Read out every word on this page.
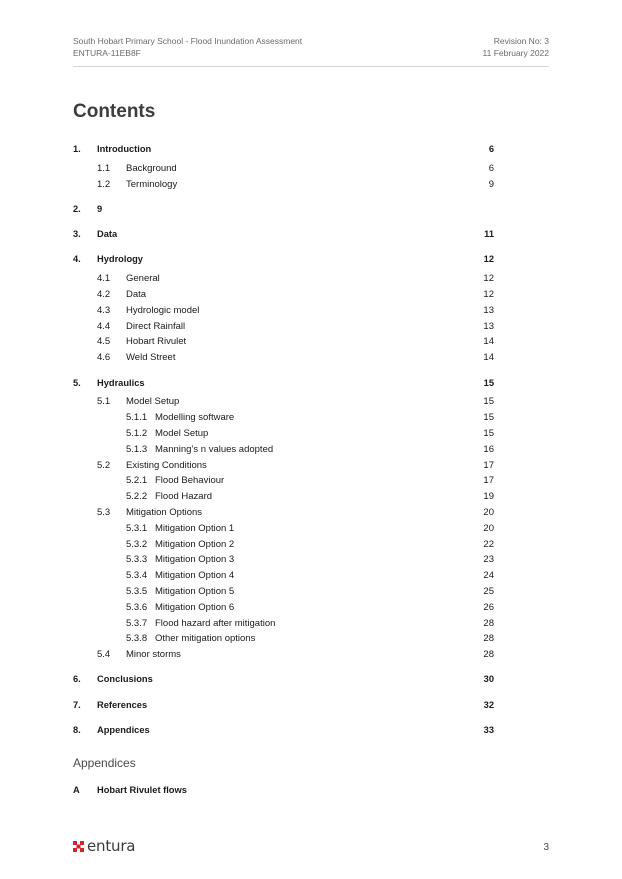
South Hobart Primary School - Flood Inundation Assessment
ENTURA-11EB8F
Revision No: 3
11 February 2022
Contents
1. Introduction	6
1.1 Background	6
1.2 Terminology	9
2. 9
3. Data	11
4. Hydrology	12
4.1 General	12
4.2 Data	12
4.3 Hydrologic model	13
4.4 Direct Rainfall	13
4.5 Hobart Rivulet	14
4.6 Weld Street	14
5. Hydraulics	15
5.1 Model Setup	15
5.1.1 Modelling software	15
5.1.2 Model Setup	15
5.1.3 Manning’s n values adopted	16
5.2 Existing Conditions	17
5.2.1 Flood Behaviour	17
5.2.2 Flood Hazard	19
5.3 Mitigation Options	20
5.3.1 Mitigation Option 1	20
5.3.2 Mitigation Option 2	22
5.3.3 Mitigation Option 3	23
5.3.4 Mitigation Option 4	24
5.3.5 Mitigation Option 5	25
5.3.6 Mitigation Option 6	26
5.3.7 Flood hazard after mitigation	28
5.3.8 Other mitigation options	28
5.4 Minor storms	28
6. Conclusions	30
7. References	32
8. Appendices	33
Appendices
A Hobart Rivulet flows
entura	3
